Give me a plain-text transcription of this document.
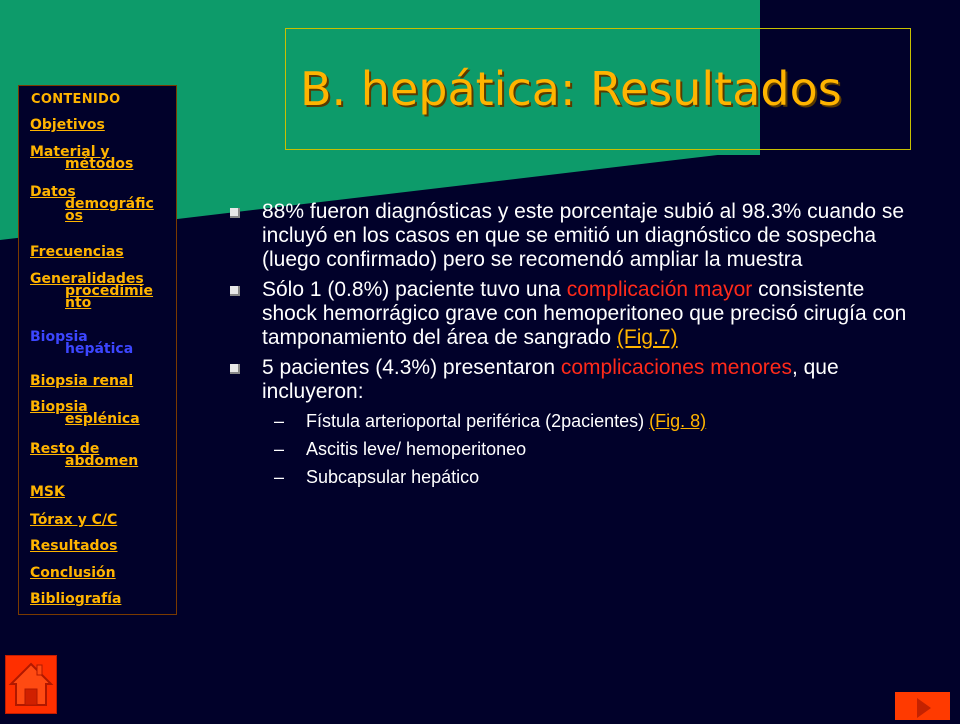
B. hepática: Resultados
CONTENIDO
Objetivos
Material y
métodos
Datos
demográfic
os
Frecuencias
Generalidades
procedimie
nto
Biopsia
hepática
Biopsia renal
Biopsia
esplénica
Resto de
abdomen
MSK
Tórax y C/C
Resultados
Conclusión
Bibliografía
88% fueron diagnósticas y este porcentaje subió al 98.3% cuando se incluyó en los casos en que se emitió un diagnóstico de sospecha (luego confirmado) pero se recomendó ampliar la muestra
Sólo 1 (0.8%) paciente tuvo una complicación mayor consistente shock hemorrágico grave con hemoperitoneo que precisó cirugía con tamponamiento del área de sangrado (Fig.7)
5 pacientes (4.3%) presentaron complicaciones menores, que incluyeron:
– Fístula arterioportal periférica (2pacientes) (Fig. 8)
– Ascitis leve/ hemoperitoneo
– Subcapsular hepático
